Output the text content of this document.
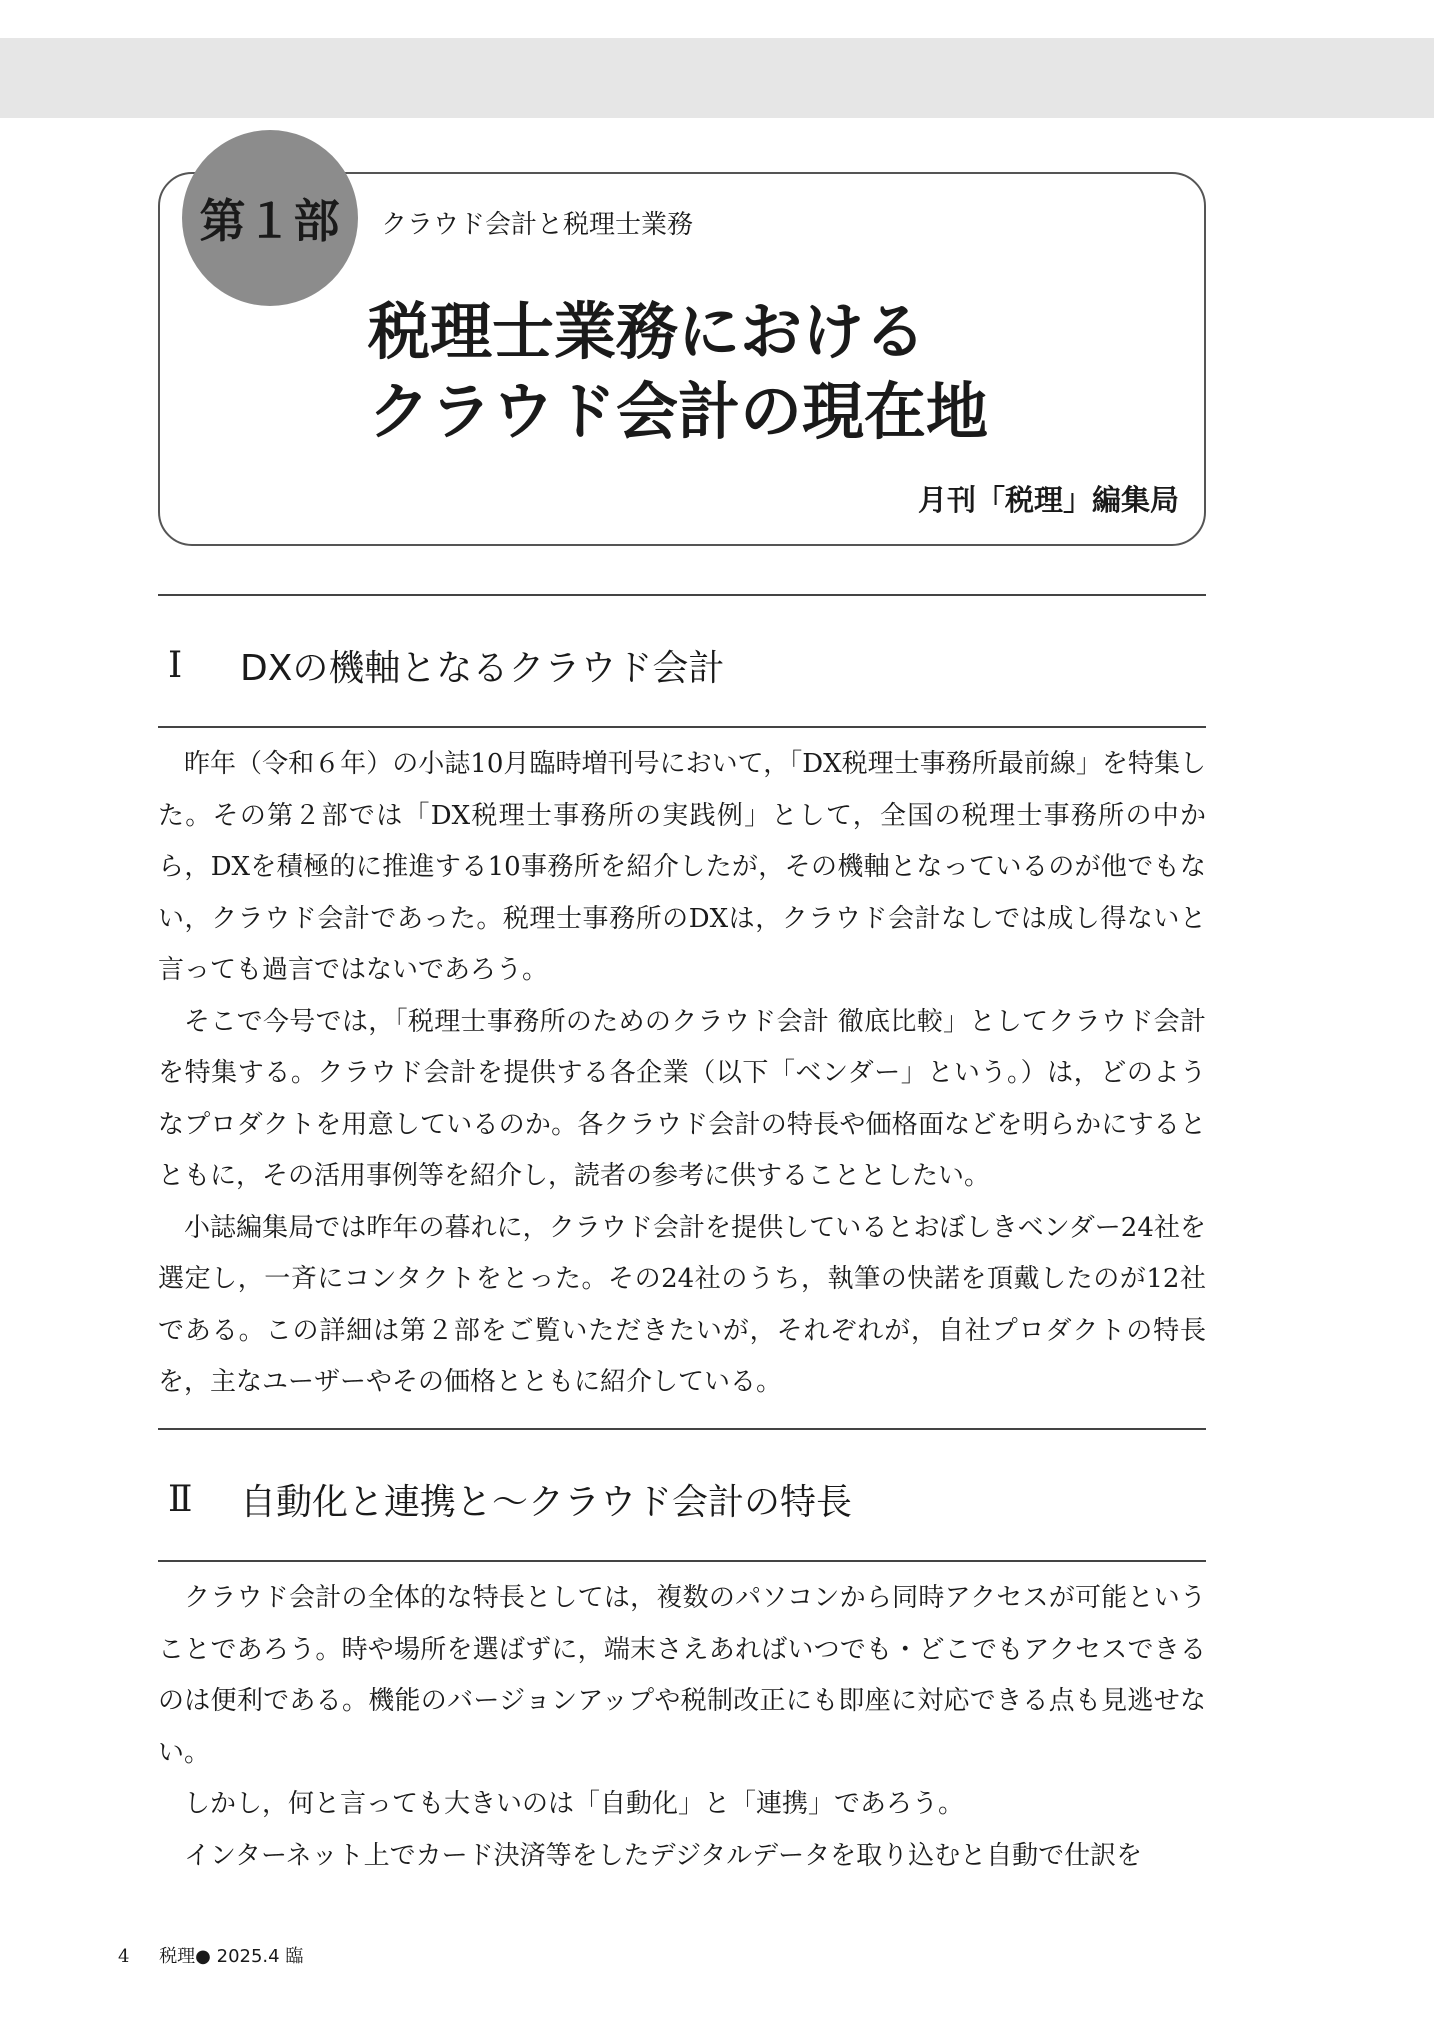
第１部 クラウド会計と税理士業務
税理士業務における
クラウド会計の現在地
月刊「税理」編集局
Ⅰ	DXの機軸となるクラウド会計

昨年（令和６年）の小誌10月臨時増刊号において，「DX税理士事務所最前線」を特集した。その第２部では「DX税理士事務所の実践例」として，全国の税理士事務所の中から，DXを積極的に推進する10事務所を紹介したが，その機軸となっているのが他でもない，クラウド会計であった。税理士事務所のDXは，クラウド会計なしでは成し得ないと言っても過言ではないであろう。

そこで今号では，「税理士事務所のためのクラウド会計 徹底比較」としてクラウド会計を特集する。クラウド会計を提供する各企業（以下「ベンダー」という。）は，どのようなプロダクトを用意しているのか。各クラウド会計の特長や価格面などを明らかにするとともに，その活用事例等を紹介し，読者の参考に供することとしたい。

小誌編集局では昨年の暮れに，クラウド会計を提供しているとおぼしきベンダー24社を選定し，一斉にコンタクトをとった。その24社のうち，執筆の快諾を頂戴したのが12社である。この詳細は第２部をご覧いただきたいが，それぞれが，自社プロダクトの特長を，主なユーザーやその価格とともに紹介している。

Ⅱ	自動化と連携と～クラウド会計の特長

クラウド会計の全体的な特長としては，複数のパソコンから同時アクセスが可能ということであろう。時や場所を選ばずに，端末さえあればいつでも・どこでもアクセスできるのは便利である。機能のバージョンアップや税制改正にも即座に対応できる点も見逃せない。

しかし，何と言っても大きいのは「自動化」と「連携」であろう。

インターネット上でカード決済等をしたデジタルデータを取り込むと自動で仕訳を

4 税理● 2025.4 臨
